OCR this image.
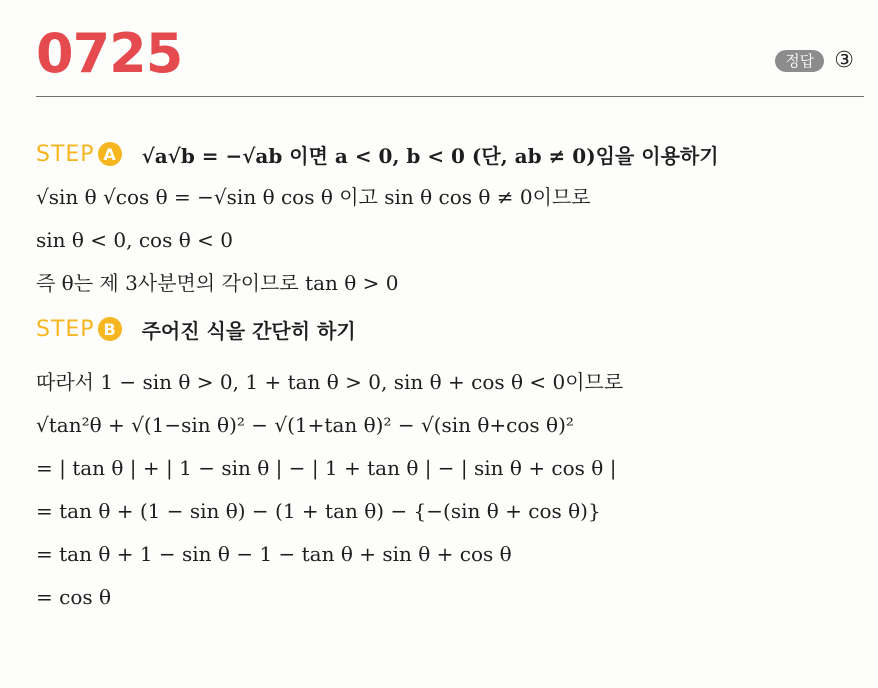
0725	정답 ③
STEP A √a√b = −√ab 이면 a < 0, b < 0 (단, ab ≠ 0)임을 이용하기
√sin θ √cos θ = −√sin θ cos θ 이고 sin θ cos θ ≠ 0이므로
sin θ < 0, cos θ < 0
즉 θ는 제 3사분면의 각이므로 tan θ > 0
STEP B 주어진 식을 간단히 하기
따라서 1 − sin θ > 0, 1 + tan θ > 0, sin θ + cos θ < 0이므로
√tan²θ + √(1−sin θ)² − √(1+tan θ)² − √(sin θ+cos θ)²
= | tan θ | + | 1 − sin θ | − | 1 + tan θ | − | sin θ + cos θ |
= tan θ + (1 − sin θ) − (1 + tan θ) − {−(sin θ + cos θ)}
= tan θ + 1 − sin θ − 1 − tan θ + sin θ + cos θ
= cos θ
